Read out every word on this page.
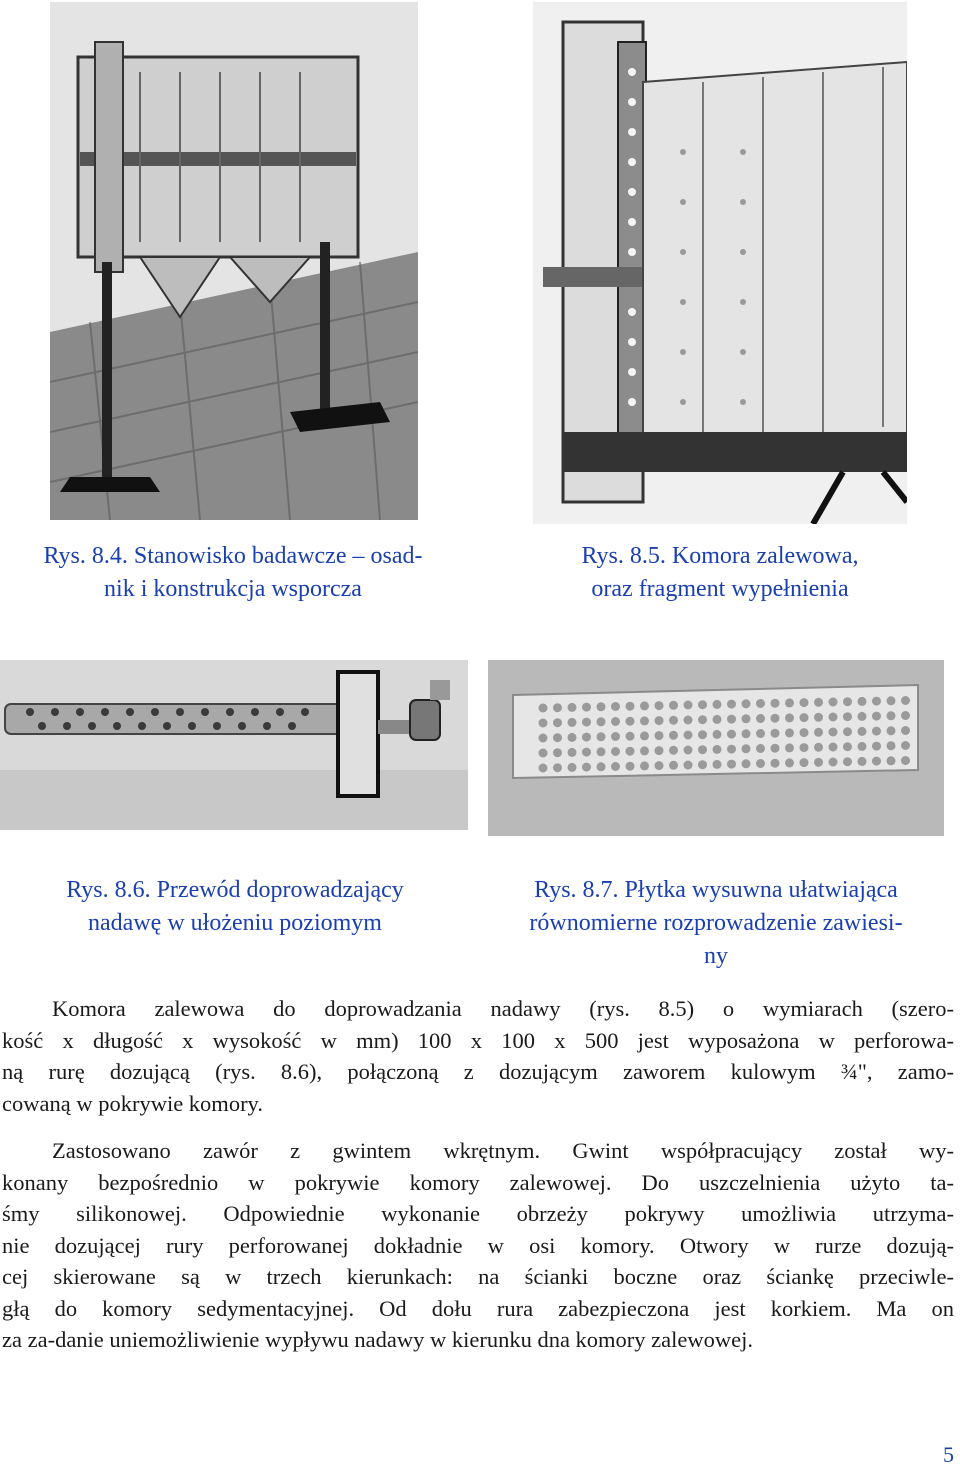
Rys. 8.4. Stanowisko badawcze – osad-
nik i konstrukcja wsporcza
Rys. 8.5. Komora zalewowa,
oraz fragment wypełnienia
Rys. 8.6. Przewód doprowadzający
nadawę w ułożeniu poziomym
Rys. 8.7. Płytka wysuwna ułatwiająca
równomierne rozprowadzenie zawiesi-
ny
Komora zalewowa do doprowadzania nadawy (rys. 8.5) o wymiarach (szero-
kość x długość x wysokość w mm) 100 x 100 x 500 jest wyposażona w perforowa-
ną rurę dozującą (rys. 8.6), połączoną z dozującym zaworem kulowym ¾", zamo-
cowaną w pokrywie komory.
Zastosowano zawór z gwintem wkrętnym. Gwint współpracujący został wy-
konany bezpośrednio w pokrywie komory zalewowej. Do uszczelnienia użyto ta-
śmy silikonowej. Odpowiednie wykonanie obrzeży pokrywy umożliwia utrzyma-
nie dozującej rury perforowanej dokładnie w osi komory. Otwory w rurze dozują-
cej skierowane są w trzech kierunkach: na ścianki boczne oraz ściankę przeciwle-
głą do komory sedymentacyjnej. Od dołu rura zabezpieczona jest korkiem. Ma on
za za-danie uniemożliwienie wypływu nadawy w kierunku dna komory zalewowej.
5
